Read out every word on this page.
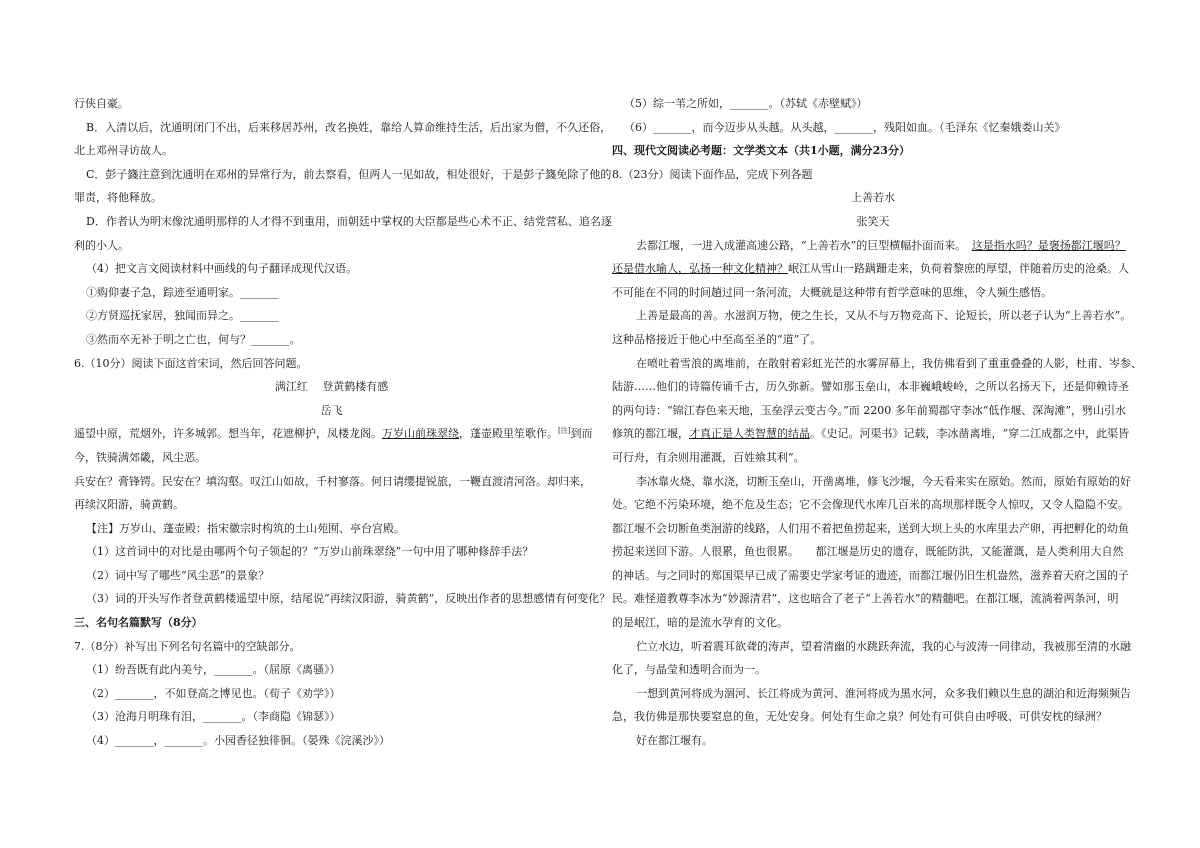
行侠自豪。
B．入清以后，沈通明闭门不出，后来移居苏州，改名换姓，靠给人算命维持生活，后出家为僧，不久还俗，
北上邓州寻访故人。
C．彭子籛注意到沈通明在邓州的异常行为，前去察看，但两人一见如故，相处很好，于是彭子籛免除了他的
罪责，将他释放。
D．作者认为明末像沈通明那样的人才得不到重用，而朝廷中掌权的大臣都是些心术不正、结党营私、追名逐
利的小人。
（4）把文言文阅读材料中画线的句子翻译成现代汉语。
①购仰妻子急，踪迹至通明家。_______
②方贤巡抚家居，独闻而异之。_______
③然而卒无补于明之亡也，何与？_______。
6.（10分）阅读下面这首宋词，然后回答问题。
满江红　 登黄鹤楼有感
岳飞
遥望中原，荒烟外，许多城郭。想当年，花遮柳护，凤楼龙阁。万岁山前珠翠绕，蓬壶殿里笙歌作。[注]到而
今，铁骑满郊畿，风尘恶。
兵安在？膏锋锷。民安在？填沟壑。叹江山如故，千村寥落。何日请缨提锐旅，一鞭直渡清河洛。却归来，
再续汉阳游，骑黄鹤。
【注】万岁山、蓬壶殿：指宋徽宗时构筑的土山苑囿、亭台宫殿。
（1）这首词中的对比是由哪两个句子领起的？“万岁山前珠翠绕”一句中用了哪种修辞手法？
（2）词中写了哪些“风尘恶”的景象？
（3）词的开头写作者登黄鹤楼遥望中原，结尾说“再续汉阳游，骑黄鹤”，反映出作者的思想感情有何变化？
三、名句名篇默写（8分）
7.（8分）补写出下列名句名篇中的空缺部分。
（1）纷吾既有此内美兮，_______。（屈原《离骚》）
（2）_______，不如登高之博见也。（荀子《劝学》）
（3）沧海月明珠有泪，_______。（李商隐《锦瑟》）
（4）_______，_______。小园香径独徘徊。（晏殊《浣溪沙》）
（5）综一苇之所如，_______。（苏轼《赤壁赋》）
（6）_______，而今迈步从头越。从头越，_______，残阳如血。（毛泽东《忆秦娥娄山关》
四、现代文阅读必考题：文学类文本（共1小题，满分23分）
8.（23分）阅读下面作品，完成下列各题
上善若水
张笑天
去都江堰，一进入成灌高速公路，“上善若水”的巨型横幅扑面而来。　这是指水吗？是褒扬都江堰吗？
还是借水喻人，弘扬一种文化精神？岷江从雪山一路蹒跚走来，负荷着黎庶的厚望，伴随着历史的沧桑。人
不可能在不同的时间趟过同一条河流，大概就是这种带有哲学意味的思维，令人频生感悟。
上善是最高的善。水滋润万物，使之生长，又从不与万物竞高下、论短长，所以老子认为“上善若水”。
这种品格接近于他心中至高至圣的“道”了。
在喷吐着雪浪的离堆前，在散射着彩虹光芒的水雾屏幕上，我仿佛看到了重重叠叠的人影，杜甫、岑参、
陆游……他们的诗篇传诵千古，历久弥新。譬如那玉垒山，本非巍峨峻岭，之所以名扬天下，还是仰赖诗圣
的两句诗：“锦江春色来天地，玉垒浮云变古今。”而 2200 多年前蜀郡守李冰“低作堰、深淘滩”，劈山引水
修筑的都江堰，才真正是人类智慧的结晶。《史记。河渠书》记载，李冰凿离堆，“穿二江成都之中，此渠皆
可行舟，有余则用灌溉，百姓飨其利”。
李冰靠火烧、靠水浇，切断玉垒山，开凿离堆，修飞沙堰，今天看来实在原始。然而，原始有原始的好
处。它绝不污染环境，绝不危及生态；它不会像现代水库几百米的高坝那样既令人惊叹，又令人隐隐不安。
都江堰不会切断鱼类洄游的线路，人们用不着把鱼捞起来，送到大坝上头的水库里去产卵，再把孵化的幼鱼
捞起来送回下游。人很累，鱼也很累。　　都江堰是历史的遗存，既能防洪，又能灌溉，是人类利用大自然
的神话。与之同时的郑国渠早已成了需要史学家考证的遗迹，而都江堰仍旧生机盎然，滋养着天府之国的子
民。难怪道教尊李冰为“妙源清君”，这也暗合了老子“上善若水”的精髓吧。在都江堰，流淌着两条河，明
的是岷江，暗的是流水孕育的文化。
伫立水边，听着震耳欲聋的涛声，望着清幽的水跳跃奔流，我的心与波涛一同律动，我被那至清的水融
化了，与晶莹和透明合而为一。
一想到黄河将成为涸河、长江将成为黄河、淮河将成为黑水河，众多我们赖以生息的湖泊和近海频频告
急，我仿佛是那快要窒息的鱼，无处安身。何处有生命之泉？何处有可供自由呼吸、可供安枕的绿洲？
好在都江堰有。
